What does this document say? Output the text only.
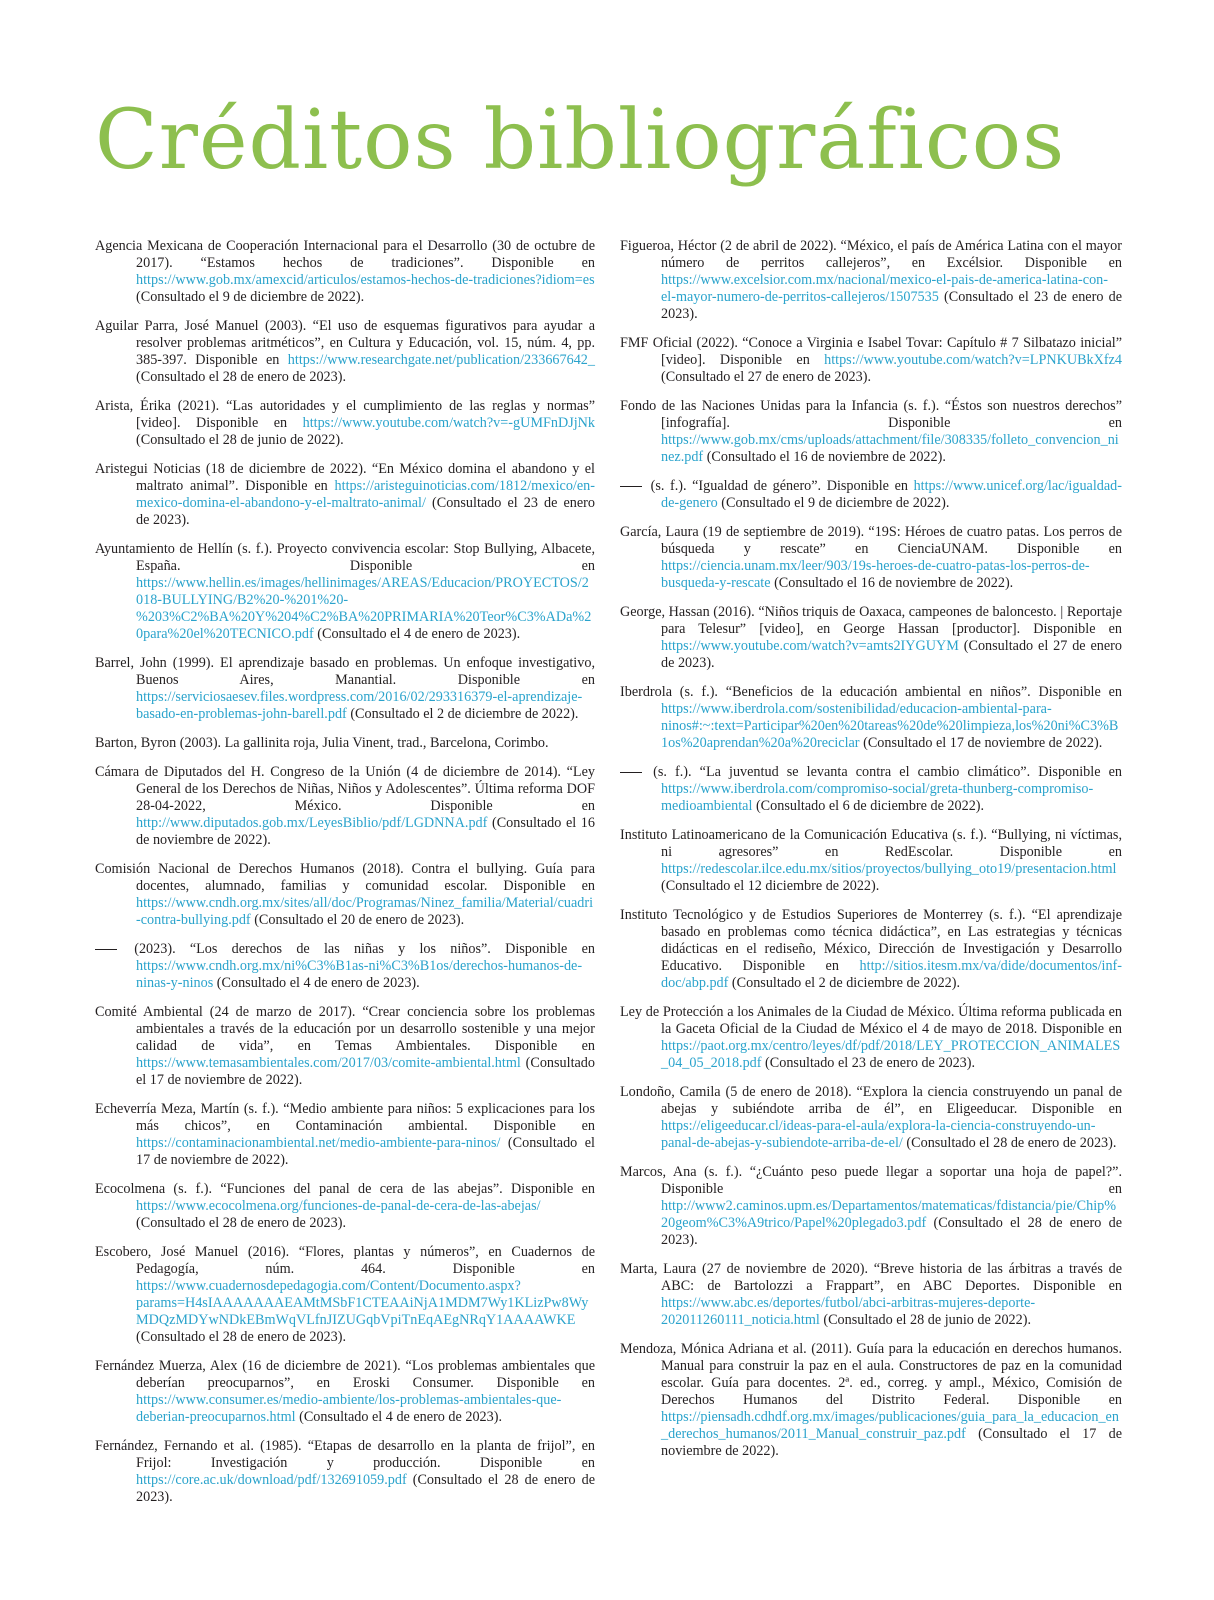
Créditos bibliográficos

Agencia Mexicana de Cooperación Internacional para el Desarrollo (30 de octubre de 2017). “Estamos hechos de tradiciones”. Disponible en https://www.gob.mx/amexcid/articulos/estamos-hechos-de-tradiciones?idiom=es (Consultado el 9 de diciembre de 2022).

Aguilar Parra, José Manuel (2003). “El uso de esquemas figurativos para ayudar a resolver problemas aritméticos”, en Cultura y Educación, vol. 15, núm. 4, pp. 385-397. Disponible en https://www.researchgate.net/publication/233667642_ (Consultado el 28 de enero de 2023).

Arista, Érika (2021). “Las autoridades y el cumplimiento de las reglas y normas” [video]. Disponible en https://www.youtube.com/watch?v=-gUMFnDJjNk (Consultado el 28 de junio de 2022).

Aristegui Noticias (18 de diciembre de 2022). “En México domina el abandono y el maltrato animal”. Disponible en https://aristeguinoticias.com/1812/mexico/en-mexico-domina-el-abandono-y-el-maltrato-animal/ (Consultado el 23 de enero de 2023).

Ayuntamiento de Hellín (s. f.). Proyecto convivencia escolar: Stop Bullying, Albacete, España. Disponible en https://www.hellin.es/images/hellinimages/AREAS/Educacion/PROYECTOS/2018-BULLYING/B2%20-%201%20-%203%C2%BA%20Y%204%C2%BA%20PRIMARIA%20Teor%C3%ADa%20para%20el%20TECNICO.pdf (Consultado el 4 de enero de 2023).

Barrel, John (1999). El aprendizaje basado en problemas. Un enfoque investigativo, Buenos Aires, Manantial. Disponible en https://serviciosaesev.files.wordpress.com/2016/02/293316379-el-aprendizaje-basado-en-problemas-john-barell.pdf (Consultado el 2 de diciembre de 2022).

Barton, Byron (2003). La gallinita roja, Julia Vinent, trad., Barcelona, Corimbo.

Cámara de Diputados del H. Congreso de la Unión (4 de diciembre de 2014). “Ley General de los Derechos de Niñas, Niños y Adolescentes”. Última reforma DOF 28-04-2022, México. Disponible en http://www.diputados.gob.mx/LeyesBiblio/pdf/LGDNNA.pdf (Consultado el 16 de noviembre de 2022).

Comisión Nacional de Derechos Humanos (2018). Contra el bullying. Guía para docentes, alumnado, familias y comunidad escolar. Disponible en https://www.cndh.org.mx/sites/all/doc/Programas/Ninez_familia/Material/cuadri-contra-bullying.pdf (Consultado el 20 de enero de 2023).

(2023). “Los derechos de las niñas y los niños”. Disponible en https://www.cndh.org.mx/ni%C3%B1as-ni%C3%B1os/derechos-humanos-de-ninas-y-ninos (Consultado el 4 de enero de 2023).

Comité Ambiental (24 de marzo de 2017). “Crear conciencia sobre los problemas ambientales a través de la educación por un desarrollo sostenible y una mejor calidad de vida”, en Temas Ambientales. Disponible en https://www.temasambientales.com/2017/03/comite-ambiental.html (Consultado el 17 de noviembre de 2022).

Echeverría Meza, Martín (s. f.). “Medio ambiente para niños: 5 explicaciones para los más chicos”, en Contaminación ambiental. Disponible en https://contaminacionambiental.net/medio-ambiente-para-ninos/ (Consultado el 17 de noviembre de 2022).

Ecocolmena (s. f.). “Funciones del panal de cera de las abejas”. Disponible en https://www.ecocolmena.org/funciones-de-panal-de-cera-de-las-abejas/ (Consultado el 28 de enero de 2023).

Escobero, José Manuel (2016). “Flores, plantas y números”, en Cuadernos de Pedagogía, núm. 464. Disponible en https://www.cuadernosdepedagogia.com/Content/Documento.aspx?params=H4sIAAAAAAAEAMtMSbF1CTEAAiNjA1MDM7Wy1KLizPw8WyMDQzMDYwNDkEBmWqVLfnJIZUGqbVpiTnEqAEgNRqY1AAAAWKE (Consultado el 28 de enero de 2023).

Fernández Muerza, Alex (16 de diciembre de 2021). “Los problemas ambientales que deberían preocuparnos”, en Eroski Consumer. Disponible en https://www.consumer.es/medio-ambiente/los-problemas-ambientales-que-deberian-preocuparnos.html (Consultado el 4 de enero de 2023).

Fernández, Fernando et al. (1985). “Etapas de desarrollo en la planta de frijol”, en Frijol: Investigación y producción. Disponible en https://core.ac.uk/download/pdf/132691059.pdf (Consultado el 28 de enero de 2023).

Figueroa, Héctor (2 de abril de 2022). “México, el país de América Latina con el mayor número de perritos callejeros”, en Excélsior. Disponible en https://www.excelsior.com.mx/nacional/mexico-el-pais-de-america-latina-con-el-mayor-numero-de-perritos-callejeros/1507535 (Consultado el 23 de enero de 2023).

FMF Oficial (2022). “Conoce a Virginia e Isabel Tovar: Capítulo # 7 Silbatazo inicial” [video]. Disponible en https://www.youtube.com/watch?v=LPNKUBkXfz4 (Consultado el 27 de enero de 2023).

Fondo de las Naciones Unidas para la Infancia (s. f.). “Éstos son nuestros derechos” [infografía]. Disponible en https://www.gob.mx/cms/uploads/attachment/file/308335/folleto_convencion_ninez.pdf (Consultado el 16 de noviembre de 2022).

(s. f.). “Igualdad de género”. Disponible en https://www.unicef.org/lac/igualdad-de-genero (Consultado el 9 de diciembre de 2022).

García, Laura (19 de septiembre de 2019). “19S: Héroes de cuatro patas. Los perros de búsqueda y rescate” en CienciaUNAM. Disponible en https://ciencia.unam.mx/leer/903/19s-heroes-de-cuatro-patas-los-perros-de-busqueda-y-rescate (Consultado el 16 de noviembre de 2022).

George, Hassan (2016). “Niños triquis de Oaxaca, campeones de baloncesto. | Reportaje para Telesur” [video], en George Hassan [productor]. Disponible en https://www.youtube.com/watch?v=amts2IYGUYM (Consultado el 27 de enero de 2023).

Iberdrola (s. f.). “Beneficios de la educación ambiental en niños”. Disponible en https://www.iberdrola.com/sostenibilidad/educacion-ambiental-para-ninos#:~:text=Participar%20en%20tareas%20de%20limpieza,los%20ni%C3%B1os%20aprendan%20a%20reciclar (Consultado el 17 de noviembre de 2022).

(s. f.). “La juventud se levanta contra el cambio climático”. Disponible en https://www.iberdrola.com/compromiso-social/greta-thunberg-compromiso-medioambiental (Consultado el 6 de diciembre de 2022).

Instituto Latinoamericano de la Comunicación Educativa (s. f.). “Bullying, ni víctimas, ni agresores” en RedEscolar. Disponible en https://redescolar.ilce.edu.mx/sitios/proyectos/bullying_oto19/presentacion.html (Consultado el 12 diciembre de 2022).

Instituto Tecnológico y de Estudios Superiores de Monterrey (s. f.). “El aprendizaje basado en problemas como técnica didáctica”, en Las estrategias y técnicas didácticas en el rediseño, México, Dirección de Investigación y Desarrollo Educativo. Disponible en http://sitios.itesm.mx/va/dide/documentos/inf-doc/abp.pdf (Consultado el 2 de diciembre de 2022).

Ley de Protección a los Animales de la Ciudad de México. Última reforma publicada en la Gaceta Oficial de la Ciudad de México el 4 de mayo de 2018. Disponible en https://paot.org.mx/centro/leyes/df/pdf/2018/LEY_PROTECCION_ANIMALES_04_05_2018.pdf (Consultado el 23 de enero de 2023).

Londoño, Camila (5 de enero de 2018). “Explora la ciencia construyendo un panal de abejas y subiéndote arriba de él”, en Eligeeducar. Disponible en https://eligeeducar.cl/ideas-para-el-aula/explora-la-ciencia-construyendo-un-panal-de-abejas-y-subiendote-arriba-de-el/ (Consultado el 28 de enero de 2023).

Marcos, Ana (s. f.). “¿Cuánto peso puede llegar a soportar una hoja de papel?”. Disponible en http://www2.caminos.upm.es/Departamentos/matematicas/fdistancia/pie/Chip%20geom%C3%A9trico/Papel%20plegado3.pdf (Consultado el 28 de enero de 2023).

Marta, Laura (27 de noviembre de 2020). “Breve historia de las árbitras a través de ABC: de Bartolozzi a Frappart”, en ABC Deportes. Disponible en https://www.abc.es/deportes/futbol/abci-arbitras-mujeres-deporte-202011260111_noticia.html (Consultado el 28 de junio de 2022).

Mendoza, Mónica Adriana et al. (2011). Guía para la educación en derechos humanos. Manual para construir la paz en el aula. Constructores de paz en la comunidad escolar. Guía para docentes. 2ª. ed., correg. y ampl., México, Comisión de Derechos Humanos del Distrito Federal. Disponible en https://piensadh.cdhdf.org.mx/images/publicaciones/guia_para_la_educacion_en_derechos_humanos/2011_Manual_construir_paz.pdf (Consultado el 17 de noviembre de 2022).
